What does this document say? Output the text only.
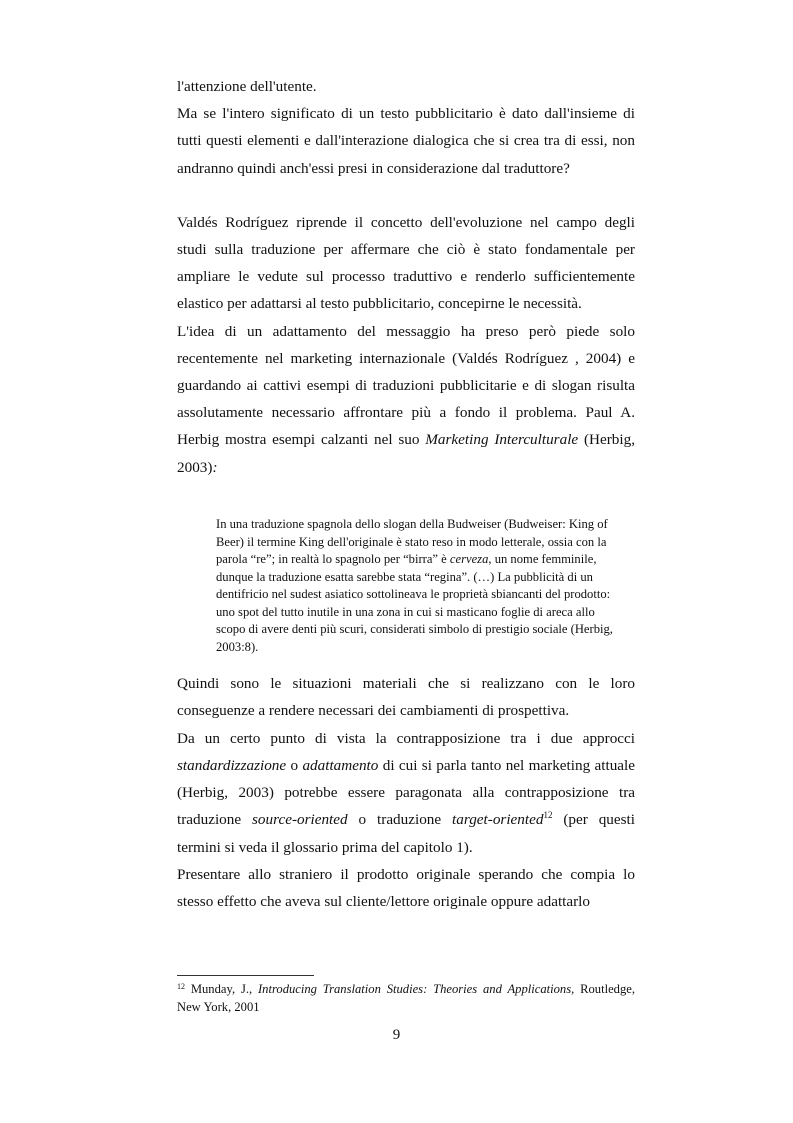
l'attenzione dell'utente.

Ma se l'intero significato di un testo pubblicitario è dato dall'insieme di tutti questi elementi e dall'interazione dialogica che si crea tra di essi, non andranno quindi anch'essi presi in considerazione dal traduttore?

Valdés Rodríguez riprende il concetto dell'evoluzione nel campo degli studi sulla traduzione per affermare che ciò è stato fondamentale per ampliare le vedute sul processo traduttivo e renderlo sufficientemente elastico per adattarsi al testo pubblicitario, concepirne le necessità.

L'idea di un adattamento del messaggio ha preso però piede solo recentemente nel marketing internazionale (Valdés Rodríguez , 2004) e guardando ai cattivi esempi di traduzioni pubblicitarie e di slogan risulta assolutamente necessario affrontare più a fondo il problema. Paul A. Herbig mostra esempi calzanti nel suo Marketing Interculturale (Herbig, 2003):

In una traduzione spagnola dello slogan della Budweiser (Budweiser: King of Beer) il termine King dell'originale è stato reso in modo letterale, ossia con la parola “re”; in realtà lo spagnolo per “birra” è cerveza, un nome femminile, dunque la traduzione esatta sarebbe stata “regina”. (…) La pubblicità di un dentifricio nel sudest asiatico sottolineava le proprietà sbiancanti del prodotto: uno spot del tutto inutile in una zona in cui si masticano foglie di areca allo scopo di avere denti più scuri, considerati simbolo di prestigio sociale (Herbig, 2003:8).

Quindi sono le situazioni materiali che si realizzano con le loro conseguenze a rendere necessari dei cambiamenti di prospettiva.

Da un certo punto di vista la contrapposizione tra i due approcci standardizzazione o adattamento di cui si parla tanto nel marketing attuale (Herbig, 2003) potrebbe essere paragonata alla contrapposizione tra traduzione source-oriented o traduzione target-oriented$^{12}$ (per questi termini si veda il glossario prima del capitolo 1).

Presentare allo straniero il prodotto originale sperando che compia lo stesso effetto che aveva sul cliente/lettore originale oppure adattarlo

$^{12}$ Munday, J., Introducing Translation Studies: Theories and Applications, Routledge, New York, 2001
9
